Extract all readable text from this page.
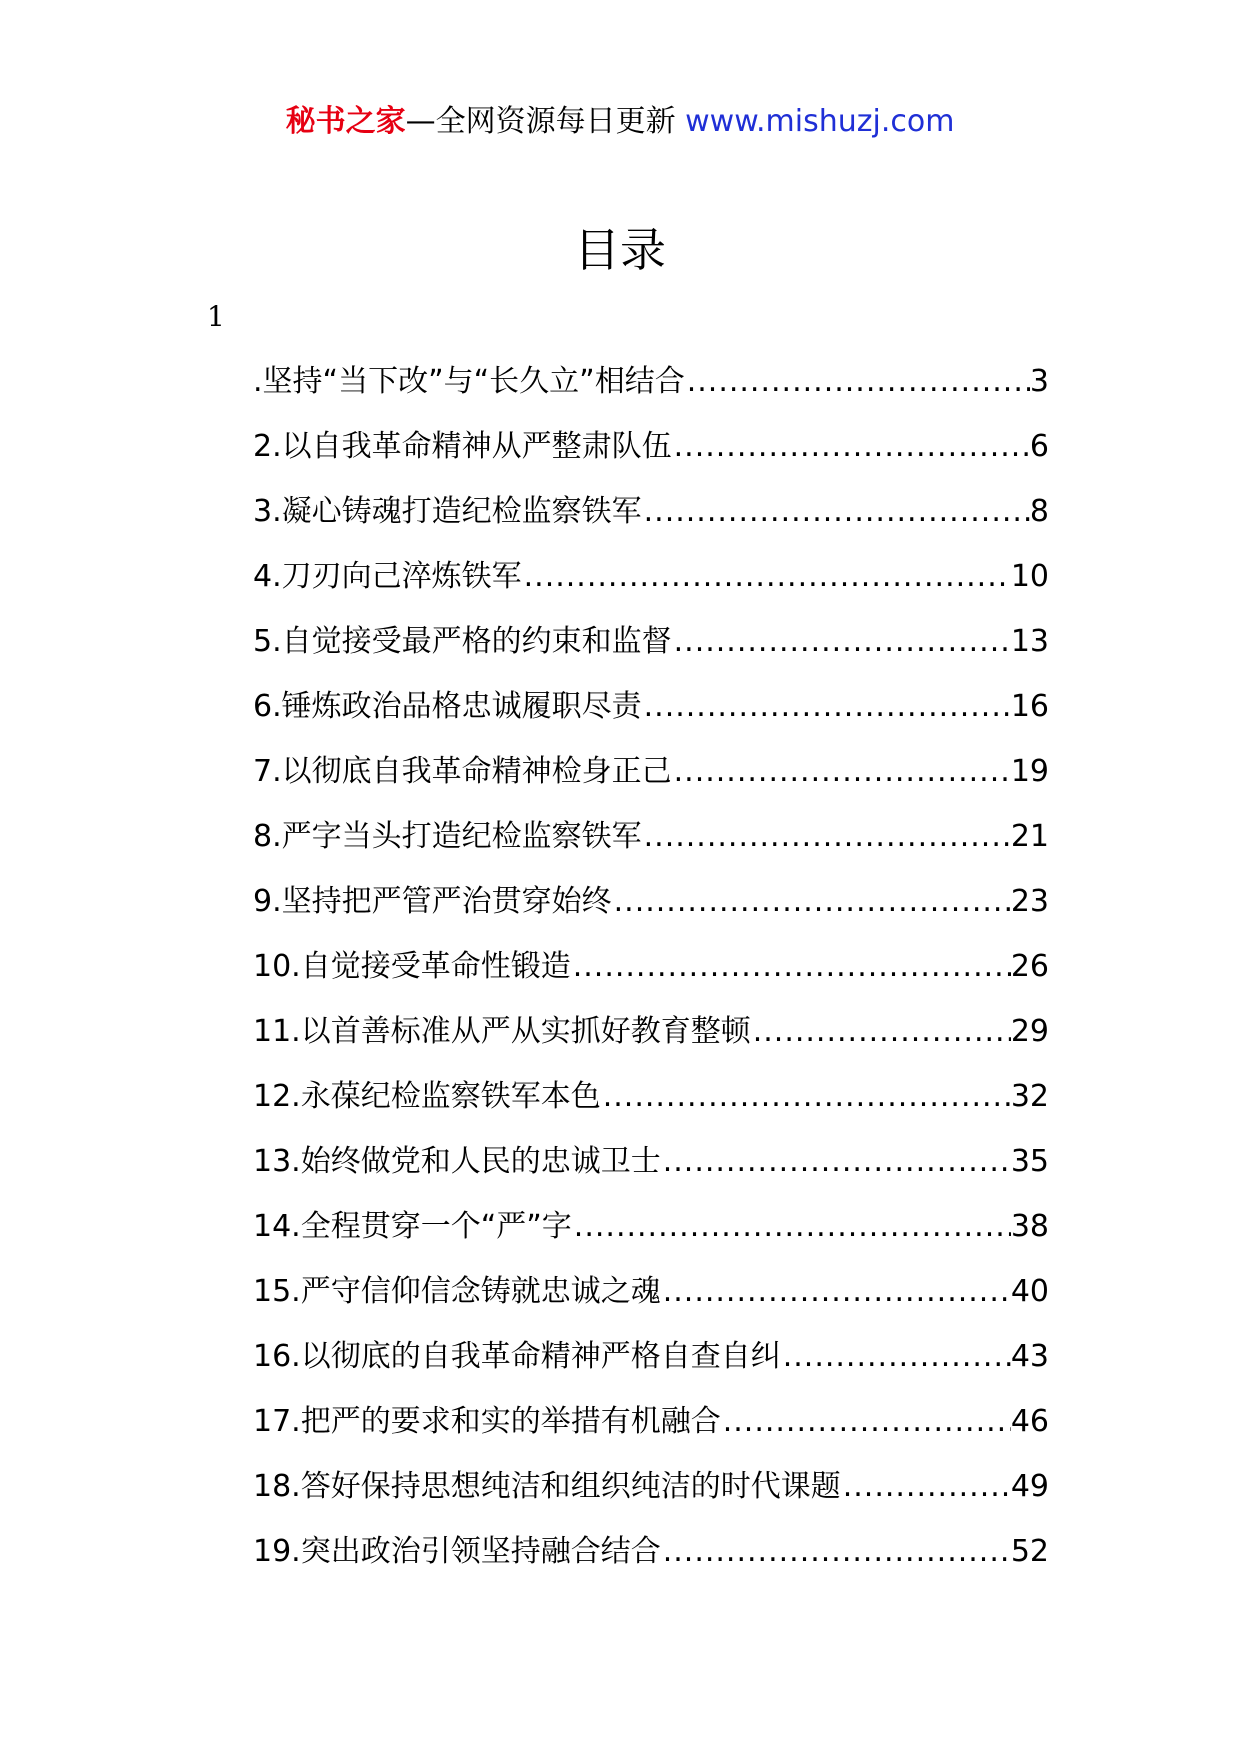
秘书之家—全网资源每日更新 www.mishuzj.com
目录
1
.坚持“当下改”与“长久立”相结合 .....	3
2.以自我革命精神从严整肃队伍 .....	6
3.凝心铸魂打造纪检监察铁军 .....	8
4.刀刃向己淬炼铁军 .....	10
5.自觉接受最严格的约束和监督 .....	13
6.锤炼政治品格忠诚履职尽责 .....	16
7.以彻底自我革命精神检身正己 .....	19
8.严字当头打造纪检监察铁军 .....	21
9.坚持把严管严治贯穿始终 .....	23
10.自觉接受革命性锻造 .....	26
11.以首善标准从严从实抓好教育整顿 .....	29
12.永葆纪检监察铁军本色 .....	32
13.始终做党和人民的忠诚卫士 .....	35
14.全程贯穿一个“严”字 .....	38
15.严守信仰信念铸就忠诚之魂 .....	40
16.以彻底的自我革命精神严格自查自纠 .....	43
17.把严的要求和实的举措有机融合 .....	46
18.答好保持思想纯洁和组织纯洁的时代课题 .....	49
19.突出政治引领坚持融合结合 .....	52
